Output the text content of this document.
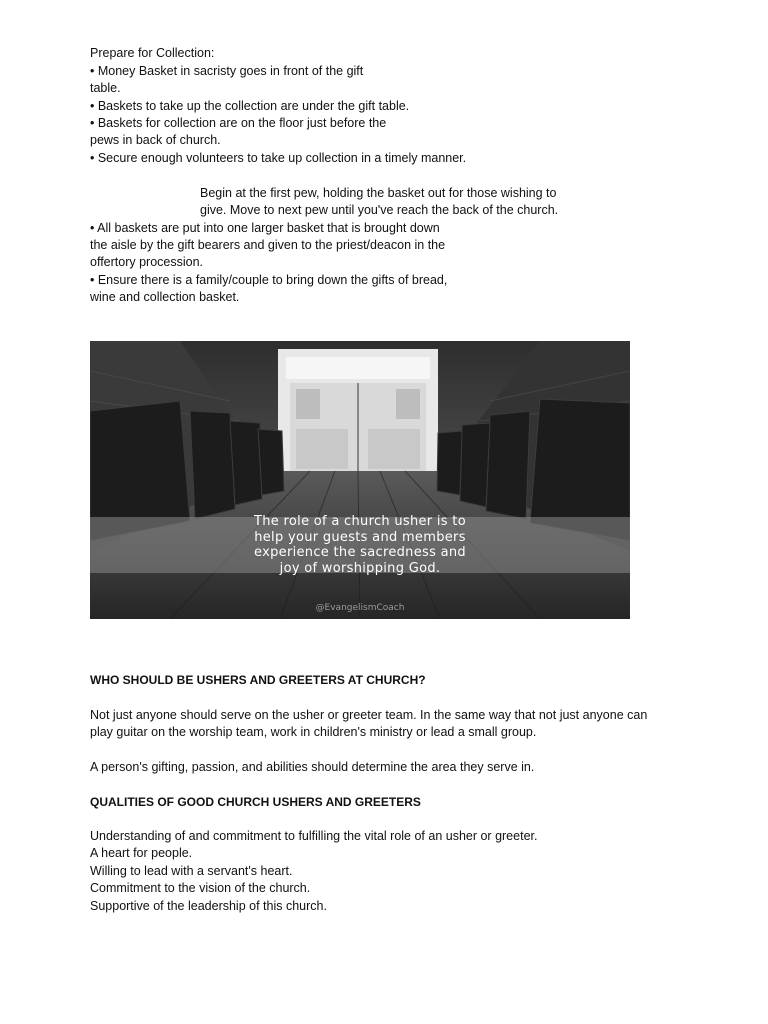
Prepare for Collection:
• Money Basket in sacristy goes in front of the gift
table.
• Baskets to take up the collection are under the gift table.
• Baskets for collection are on the floor just before the
pews in back of church.
• Secure enough volunteers to take up collection in a timely manner.
Begin at the first pew, holding the basket out for those wishing to
give. Move to next pew until you've reach the back of the church.
• All baskets are put into one larger basket that is brought down
the aisle by the gift bearers and given to the priest/deacon in the
offertory procession.
• Ensure there is a family/couple to bring down the gifts of bread,
wine and collection basket.
The role of a church usher is to
help your guests and members
experience the sacredness and
joy of worshipping God.
@EvangelismCoach
WHO SHOULD BE USHERS AND GREETERS AT CHURCH?
Not just anyone should serve on the usher or greeter team. In the same way that not just anyone can
play guitar on the worship team, work in children's ministry or lead a small group.
A person's gifting, passion, and abilities should determine the area they serve in.
QUALITIES OF GOOD CHURCH USHERS AND GREETERS
Understanding of and commitment to fulfilling the vital role of an usher or greeter.
A heart for people.
Willing to lead with a servant's heart.
Commitment to the vision of the church.
Supportive of the leadership of this church.
